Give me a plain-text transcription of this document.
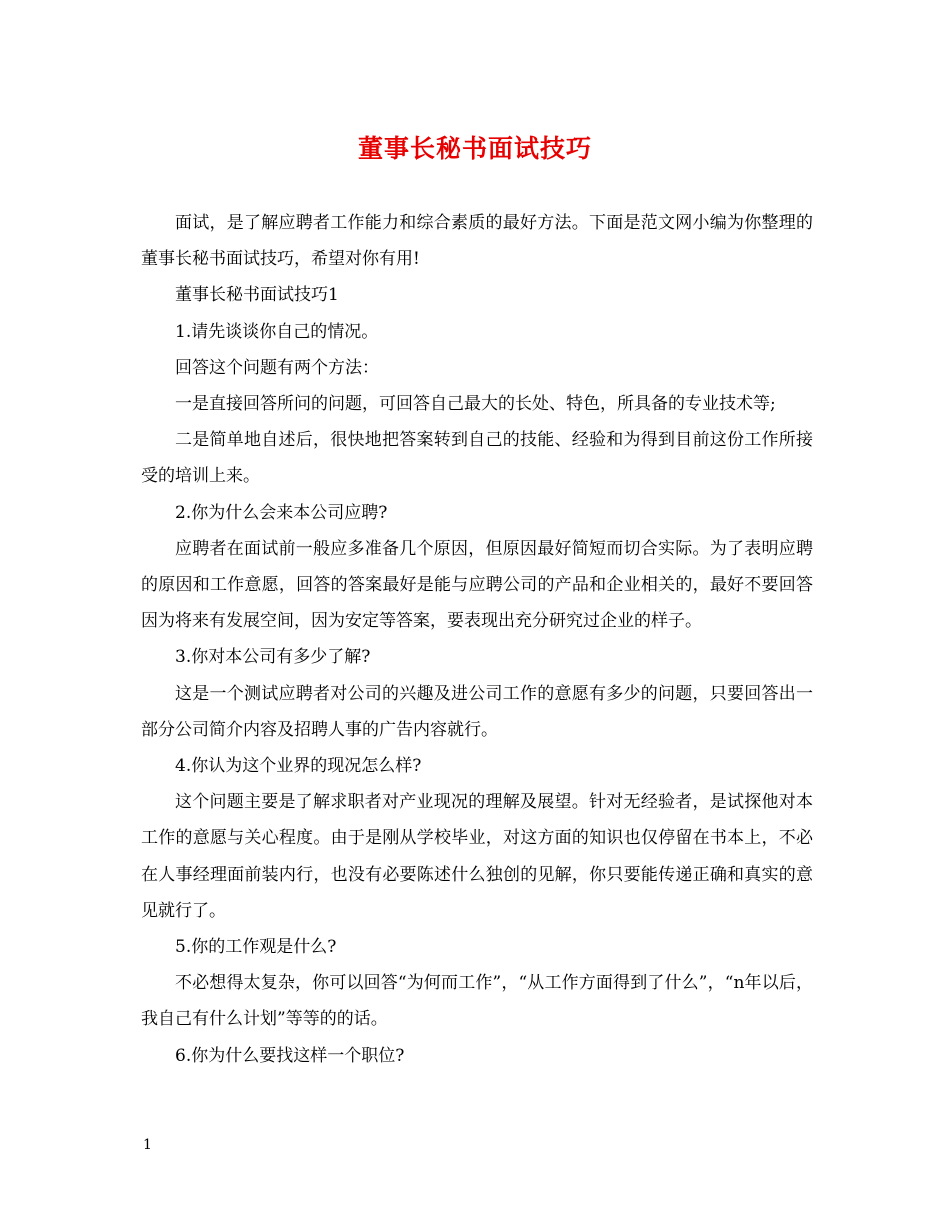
董事长秘书面试技巧

面试，是了解应聘者工作能力和综合素质的最好方法。下面是范文网小编为你整理的董事长秘书面试技巧，希望对你有用!

董事长秘书面试技巧1

1.请先谈谈你自己的情况。

回答这个问题有两个方法：

一是直接回答所问的问题，可回答自己最大的长处、特色，所具备的专业技术等;

二是简单地自述后，很快地把答案转到自己的技能、经验和为得到目前这份工作所接受的培训上来。

2.你为什么会来本公司应聘?

应聘者在面试前一般应多准备几个原因，但原因最好简短而切合实际。为了表明应聘的原因和工作意愿，回答的答案最好是能与应聘公司的产品和企业相关的，最好不要回答因为将来有发展空间，因为安定等答案，要表现出充分研究过企业的样子。

3.你对本公司有多少了解?

这是一个测试应聘者对公司的兴趣及进公司工作的意愿有多少的问题，只要回答出一部分公司简介内容及招聘人事的广告内容就行。

4.你认为这个业界的现况怎么样?

这个问题主要是了解求职者对产业现况的理解及展望。针对无经验者，是试探他对本工作的意愿与关心程度。由于是刚从学校毕业，对这方面的知识也仅停留在书本上，不必在人事经理面前装内行，也没有必要陈述什么独创的见解，你只要能传递正确和真实的意见就行了。

5.你的工作观是什么?

不必想得太复杂，你可以回答“为何而工作”，“从工作方面得到了什么”，“n年以后，我自己有什么计划”等等的的话。

6.你为什么要找这样一个职位?

1
